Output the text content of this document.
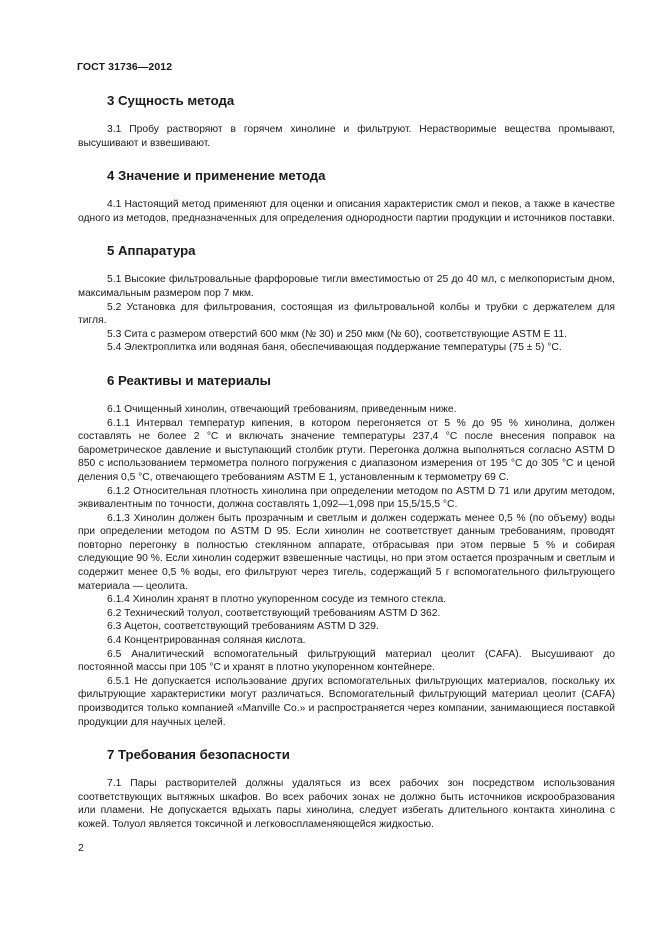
ГОСТ 31736—2012
3 Сущность метода

3.1 Пробу растворяют в горячем хинолине и фильтруют. Нерастворимые вещества промывают, высушивают и взвешивают.

4 Значение и применение метода

4.1 Настоящий метод применяют для оценки и описания характеристик смол и пеков, а также в качестве одного из методов, предназначенных для определения однородности партии продукции и источников поставки.

5 Аппаратура

5.1 Высокие фильтровальные фарфоровые тигли вместимостью от 25 до 40 мл, с мелкопористым дном, максимальным размером пор 7 мкм.

5.2 Установка для фильтрования, состоящая из фильтровальной колбы и трубки с держателем для тигля.

5.3 Сита с размером отверстий 600 мкм (№ 30) и 250 мкм (№ 60), соответствующие ASTM E 11.

5.4 Электроплитка или водяная баня, обеспечивающая поддержание температуры (75 ± 5) °С.

6 Реактивы и материалы

6.1 Очищенный хинолин, отвечающий требованиям, приведенным ниже.

6.1.1 Интервал температур кипения, в котором перегоняется от 5 % до 95 % хинолина, должен составлять не более 2 °С и включать значение температуры 237,4 °С после внесения поправок на барометрическое давление и выступающий столбик ртути. Перегонка должна выполняться согласно ASTM D 850 с использованием термометра полного погружения с диапазоном измерения от 195 °С до 305 °С и ценой деления 0,5 °С, отвечающего требованиям ASTM E 1, установленным к термометру 69 С.

6.1.2 Относительная плотность хинолина при определении методом по ASTM D 71 или другим методом, эквивалентным по точности, должна составлять 1,092—1,098 при 15,5/15,5 °С.

6.1.3 Хинолин должен быть прозрачным и светлым и должен содержать менее 0,5 % (по объему) воды при определении методом по ASTM D 95. Если хинолин не соответствует данным требованиям, проводят повторно перегонку в полностью стеклянном аппарате, отбрасывая при этом первые 5 % и собирая следующие 90 %. Если хинолин содержит взвешенные частицы, но при этом остается прозрачным и светлым и содержит менее 0,5 % воды, его фильтруют через тигель, содержащий 5 г вспомогательного фильтрующего материала — цеолита.

6.1.4 Хинолин хранят в плотно укупоренном сосуде из темного стекла.

6.2 Технический толуол, соответствующий требованиям ASTM D 362.

6.3 Ацетон, соответствующий требованиям ASTM D 329.

6.4 Концентрированная соляная кислота.

6.5 Аналитический вспомогательный фильтрующий материал цеолит (CAFA). Высушивают до постоянной массы при 105 °С и хранят в плотно укупоренном контейнере.

6.5.1 Не допускается использование других вспомогательных фильтрующих материалов, поскольку их фильтрующие характеристики могут различаться. Вспомогательный фильтрующий материал цеолит (CAFA) производится только компанией «Manville Co.» и распространяется через компании, занимающиеся поставкой продукции для научных целей.

7 Требования безопасности

7.1 Пары растворителей должны удаляться из всех рабочих зон посредством использования соответствующих вытяжных шкафов. Во всех рабочих зонах не должно быть источников искрообразования или пламени. Не допускается вдыхать пары хинолина, следует избегать длительного контакта хинолина с кожей. Толуол является токсичной и легковоспламеняющейся жидкостью.

2
